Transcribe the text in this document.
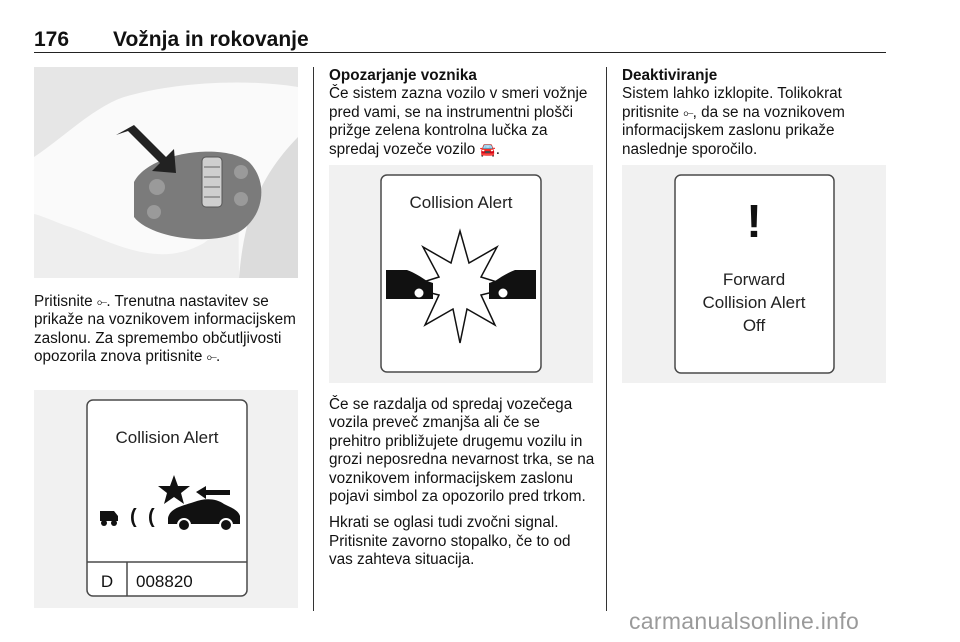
176 Vožnja in rokovanje

Pritisnite ⟜. Trenutna nastavitev se prikaže na voznikovem informacijskem zaslonu. Za spremembo občutljivosti opozorila znova pritisnite ⟜.

Collision Alert
( (
D 008820

Opozarjanje voznika

Če sistem zazna vozilo v smeri vožnje pred vami, se na instrumentni plošči prižge zelena kontrolna lučka za spredaj vozeče vozilo 🚘.

Collision Alert

Če se razdalja od spredaj vozečega vozila preveč zmanjša ali če se prehitro približujete drugemu vozilu in grozi neposredna nevarnost trka, se na voznikovem informacijskem zaslonu pojavi simbol za opozorilo pred trkom.

Hkrati se oglasi tudi zvočni signal. Pritisnite zavorno stopalko, če to od vas zahteva situacija.

Deaktiviranje

Sistem lahko izklopite. Tolikokrat pritisnite ⟜, da se na voznikovem informacijskem zaslonu prikaže naslednje sporočilo.

!
Forward
Collision Alert
Off
carmanualsonline.info
